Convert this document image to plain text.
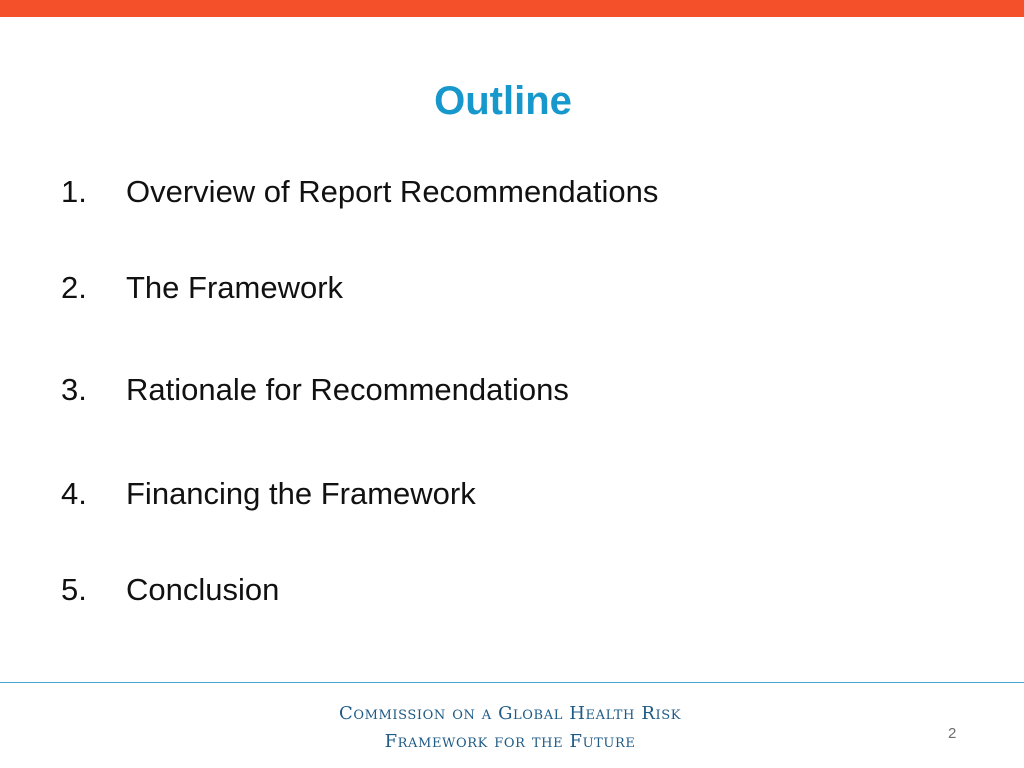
Outline
1. Overview of Report Recommendations
2. The Framework
3. Rationale for Recommendations
4. Financing the Framework
5. Conclusion
Commission on a Global Health Risk
Framework for the Future	2
